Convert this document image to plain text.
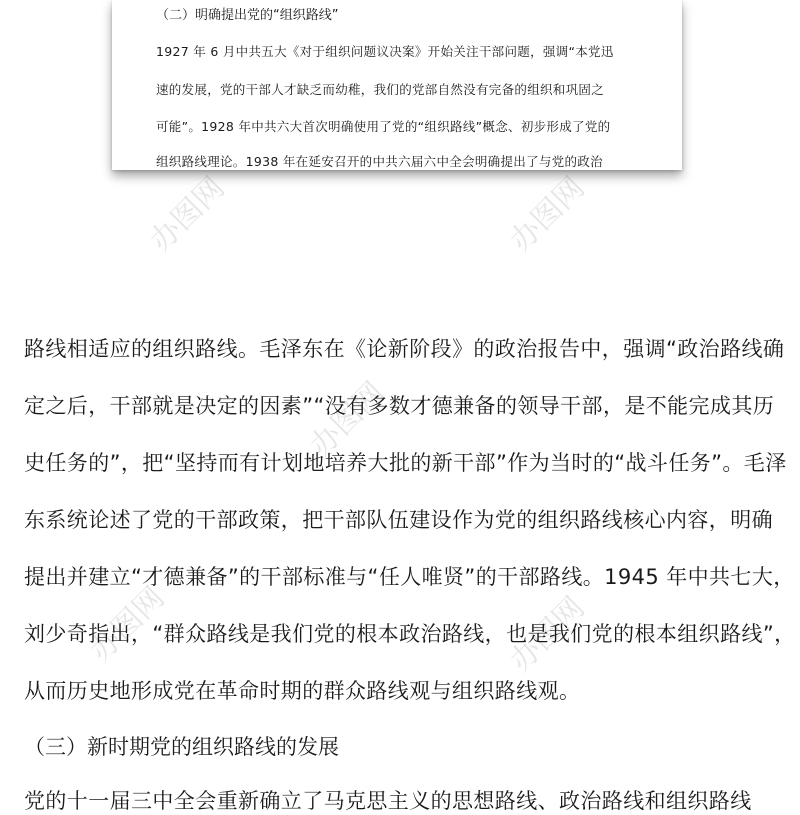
办图网	办图网
办图网
办图网	办图网
（二）明确提出党的“组织路线”
1927 年 6 月中共五大《对于组织问题议决案》开始关注干部问题，强调“本党迅
速的发展，党的干部人才缺乏而幼稚，我们的党部自然没有完备的组织和巩固之
可能”。1928 年中共六大首次明确使用了党的“组织路线”概念、初步形成了党的
组织路线理论。1938 年在延安召开的中共六届六中全会明确提出了与党的政治
路线相适应的组织路线。毛泽东在《论新阶段》的政治报告中，强调“政治路线确
定之后，干部就是决定的因素”“没有多数才德兼备的领导干部，是不能完成其历
史任务的”，把“坚持而有计划地培养大批的新干部”作为当时的“战斗任务”。毛泽
东系统论述了党的干部政策，把干部队伍建设作为党的组织路线核心内容，明确
提出并建立“才德兼备”的干部标准与“任人唯贤”的干部路线。1945 年中共七大，
刘少奇指出，“群众路线是我们党的根本政治路线，也是我们党的根本组织路线”，
从而历史地形成党在革命时期的群众路线观与组织路线观。
（三）新时期党的组织路线的发展
党的十一届三中全会重新确立了马克思主义的思想路线、政治路线和组织路线
